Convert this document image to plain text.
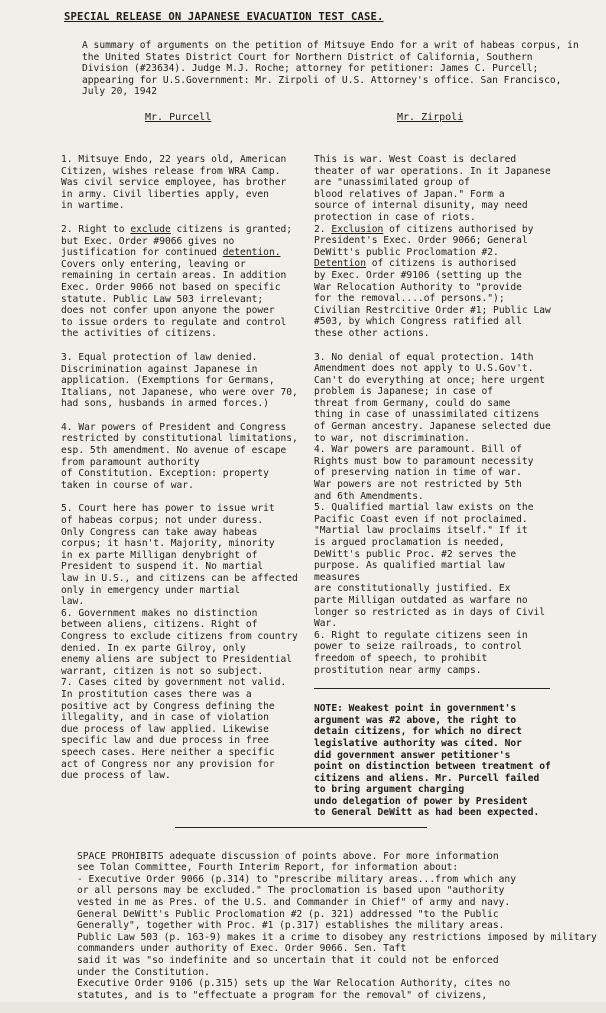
SPECIAL RELEASE ON JAPANESE EVACUATION TEST CASE.

A summary of arguments on the petition of Mitsuye Endo for a writ of habeas corpus, in the United States District Court for Northern District of California, Southern Division (#23634). Judge M.J. Roche; attorney for petitioner: James C. Purcell; appearing for U.S.Government: Mr. Zirpoli of U.S. Attorney's office. San Francisco, July 20, 1942

Mr. Purcell	Mr. Zirpoli

1. Mitsuye Endo, 22 years old, American
Citizen, wishes release from WRA Camp.
Was civil service employee, has brother in army. Civil liberties apply, even
in wartime.

2. Right to exclude citizens is granted; but Exec. Order #9066 gives no
justification for continued detention.
Covers only entering, leaving or remaining in certain areas. In addition
Exec. Order 9066 not based on specific
statute. Public Law 503 irrelevant;
does not confer upon anyone the power
to issue orders to regulate and control
the activities of citizens.

3. Equal protection of law denied. Discrimination against Japanese in application. (Exemptions for Germans, Italians, not Japanese, who were over 70,
had sons, husbands in armed forces.)

4. War powers of President and Congress restricted by constitutional limitations, esp. 5th amendment. No avenue of escape from paramount authority
of Constitution. Exception: property
taken in course of war.

5. Court here has power to issue writ
of habeas corpus; not under duress.
Only Congress can take away habeas
corpus; it hasn't. Majority, minority
in ex parte Milligan denybright of
President to suspend it. No martial
law in U.S., and citizens can be affected only in emergency under martial
law.

6. Government makes no distinction
between aliens, citizens. Right of
Congress to exclude citizens from country denied. In ex parte Gilroy, only
enemy aliens are subject to Presidential warrant, citizen is not so subject.

7. Cases cited by government not valid. In prostitution cases there was a
positive act by Congress defining the
illegality, and in case of violation
due process of law applied. Likewise
specific law and due process in free
speech cases. Here neither a specific
act of Congress nor any provision for
due process of law.

This is war. West Coast is declared
theater of war operations. In it Japanese are "unassimilated group of
blood relatives of Japan." Form a
source of internal disunity, may need
protection in case of riots.

2. Exclusion of citizens authorised by
President's Exec. Order 9066; General
DeWitt's public Proclomation #2.
Detention of citizens is authorised
by Exec. Order #9106 (setting up the
War Relocation Authority to "provide
for the removal....of persons."); Civilian Restrcitive Order #1; Public Law
#503, by which Congress ratified all
these other actions.

3. No denial of equal protection. 14th
Amendment does not apply to U.S.Gov't.
Can't do everything at once; here urgent problem is Japanese; in case of
threat from Germany, could do same
thing in case of unassimilated citizens of German ancestry. Japanese selected due to war, not discrimination.
4. War powers are paramount. Bill of
Rights must bow to paramount necessity
of preserving nation in time of war.
War powers are not restricted by 5th
and 6th Amendments.

5. Qualified martial law exists on the
Pacific Coast even if not proclaimed.
"Martial law proclaims itself." If it
is argued proclamation is needed, DeWitt's public Proc. #2 serves the purpose. As qualified martial law measures
are constitutionally justified. Ex
parte Milligan outdated as warfare no
longer so restricted as in days of Civil War.
6. Right to regulate citizens seen in
power to seize railroads, to control
freedom of speech, to prohibit prostitution near army camps.

NOTE: Weakest point in government's
argument was #2 above, the right to
detain citizens, for which no direct
legislative authority was cited. Nor
did government answer petitioner's
point on distinction between treatment of citizens and aliens. Mr. Purcell failed to bring argument charging
undo delegation of power by President
to General DeWitt as had been expected.

SPACE PROHIBITS adequate discussion of points above. For more information
see Tolan Committee, Fourth Interim Report, for information about:
- Executive Order 9066 (p.314) to "prescribe military areas...from which any
or all persons may be excluded." The proclomation is based upon "authority
vested in me as Pres. of the U.S. and Commander in Chief" of army and navy.
General DeWitt's Public Proclomation #2 (p. 321) addressed "to the Public
Generally", together with Proc. #1 (p.317) establishes the military areas.
Public Law 503 (p. 163-9) makes it a crime to disobey any restrictions imposed by military commanders under authority of Exec. Order 9066. Sen. Taft
said it was "so indefinite and so uncertain that it could not be enforced
under the Constitution.
Executive Order 9106 (p.315) sets up the War Relocation Authority, cites no
statutes, and is to "effectuate a program for the removal" of civizens,
